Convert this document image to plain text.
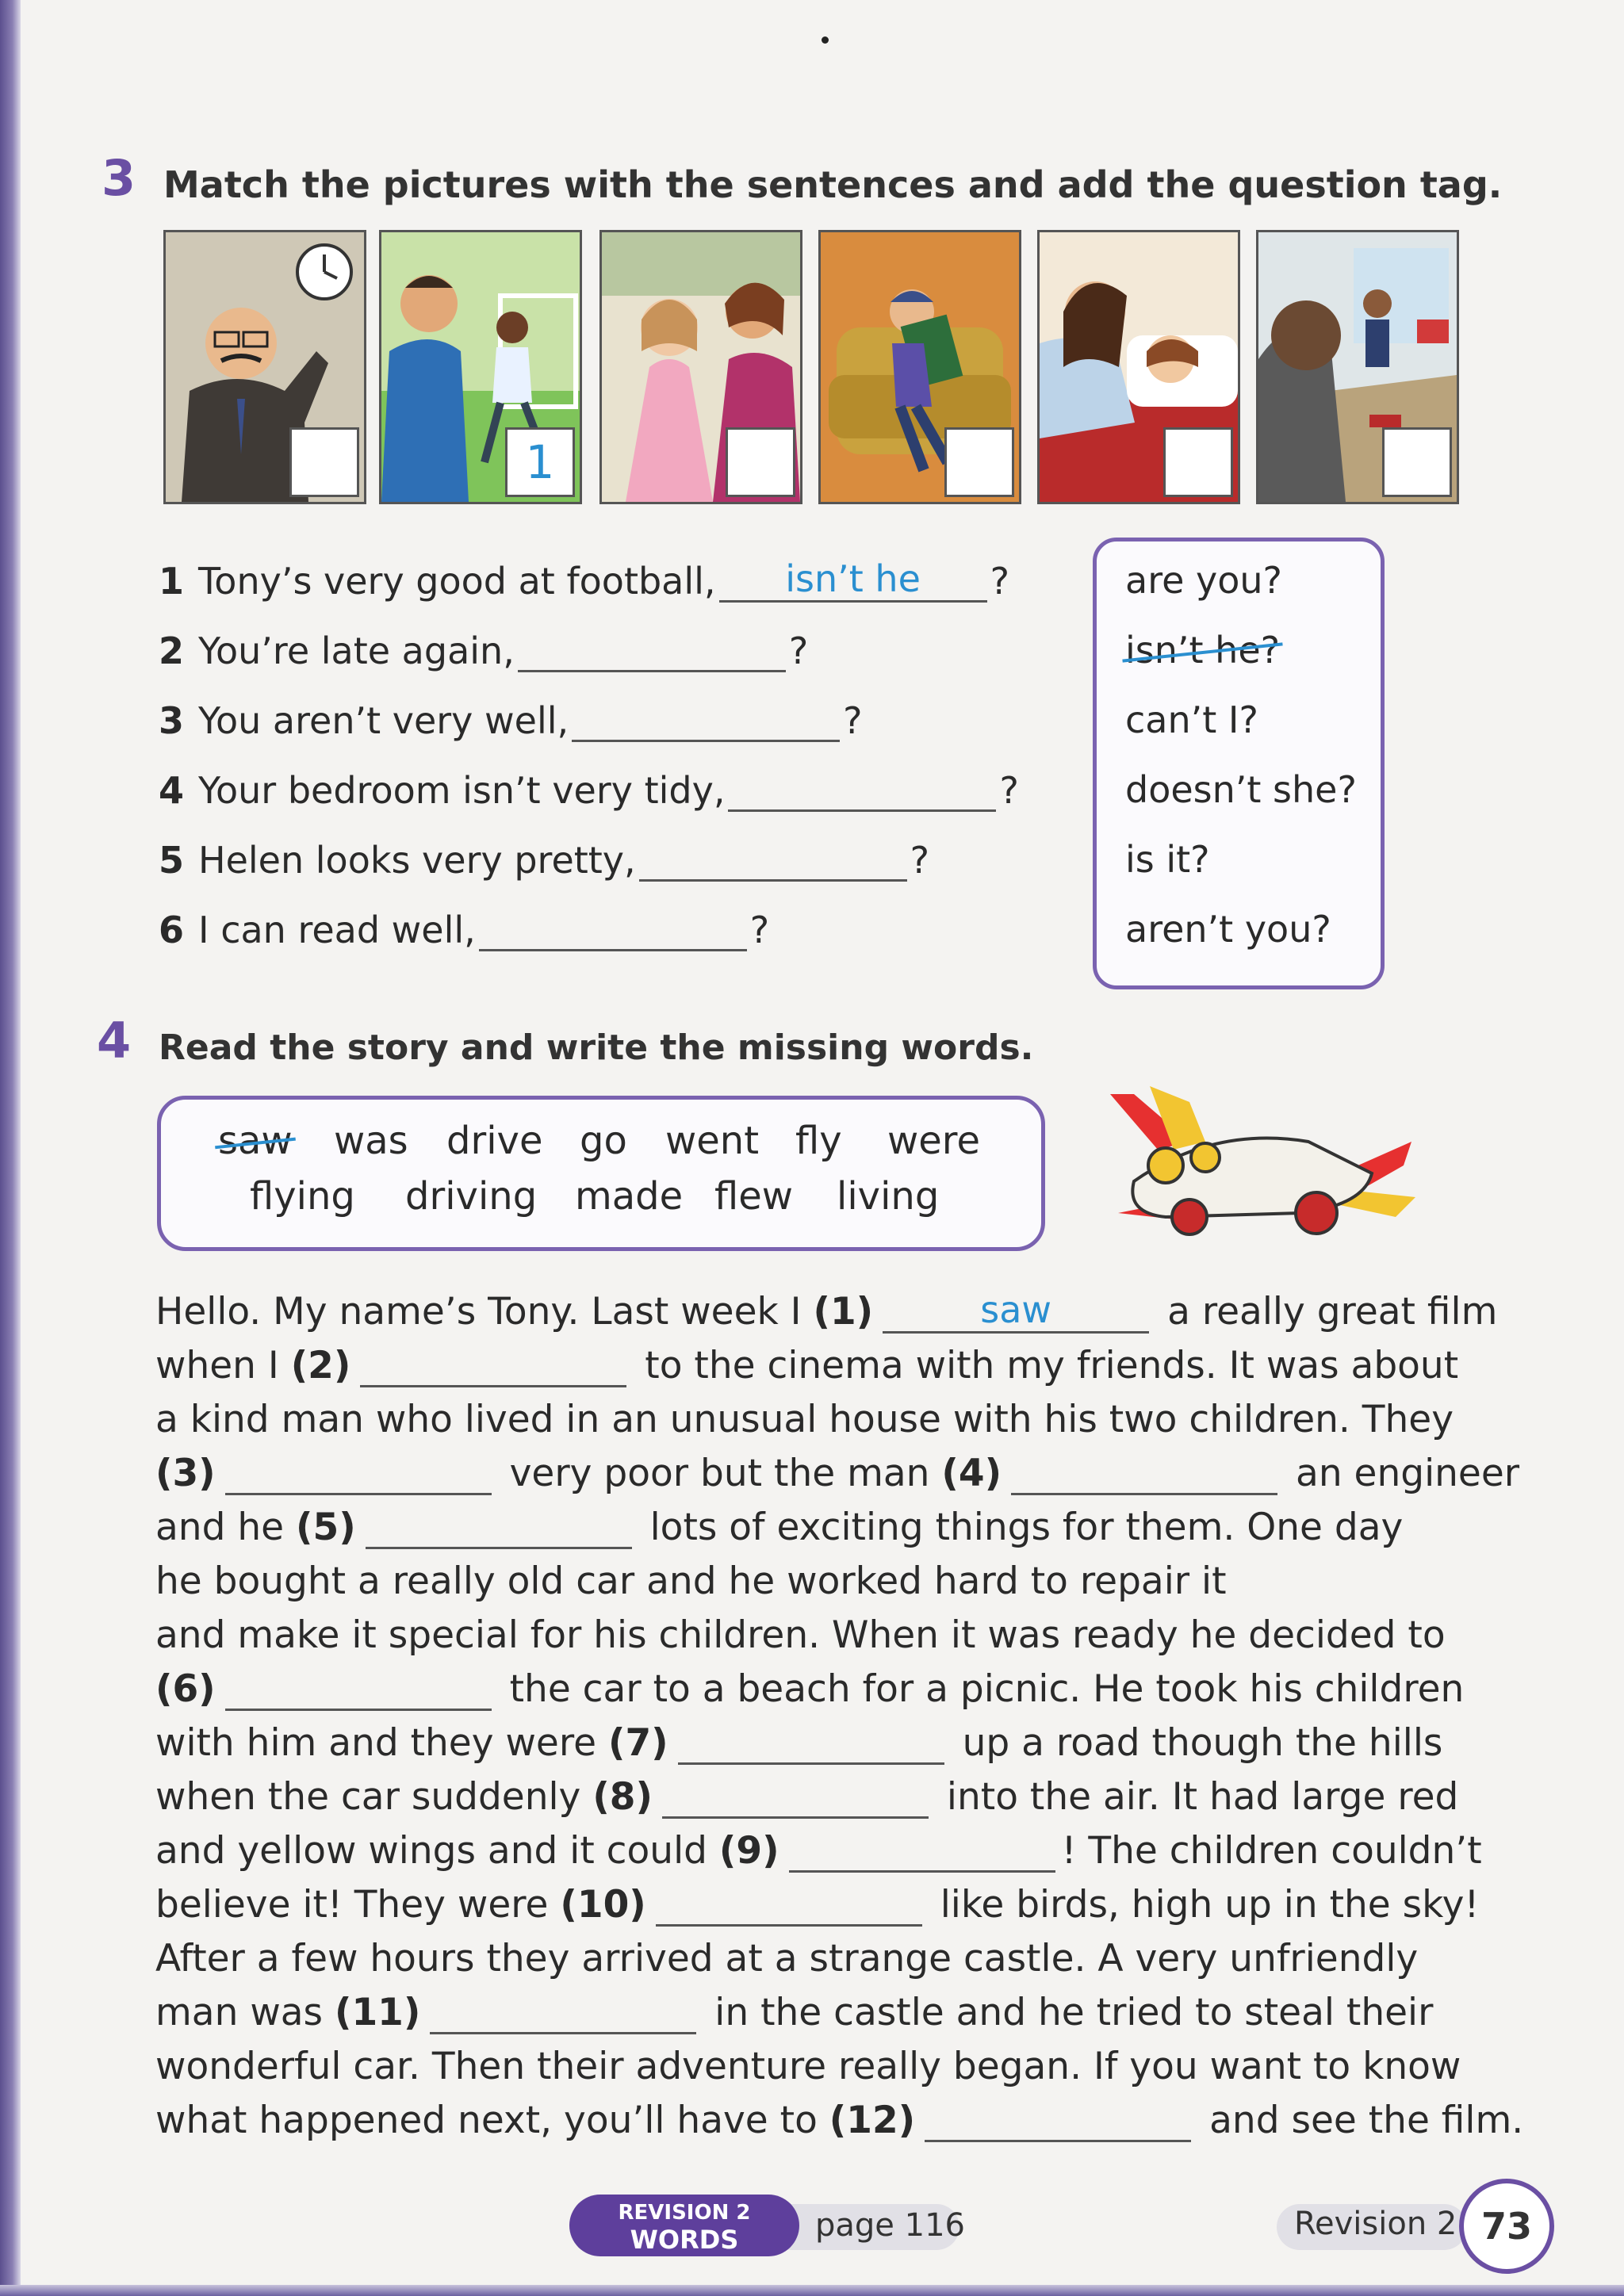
3 Match the pictures with the sentences and add the question tag.
1
1 Tony’s very good at football,	isn’t he	?
2 You’re late again,	?
3 You aren’t very well,	?
4 Your bedroom isn’t very tidy,	?
5 Helen looks very pretty,	?
6 I can read well,	?
are you?
isn’t he?
can’t I?
doesn’t she?
is it?
aren’t you?
4 Read the story and write the missing words.
saw was drive go went fly were
flying driving made flew living
Hello. My name’s Tony. Last week I (1)	saw	a really great film
when I (2)	to the cinema with my friends. It was about
a kind man who lived in an unusual house with his two children. They
(3)	very poor but the man (4)	an engineer
and he (5)	lots of exciting things for them. One day
he bought a really old car and he worked hard to repair it
and make it special for his children. When it was ready he decided to
(6)	the car to a beach for a picnic. He took his children
with him and they were (7)	up a road though the hills
when the car suddenly (8)	into the air. It had large red
and yellow wings and it could (9)	! The children couldn’t
believe it! They were (10)	like birds, high up in the sky!
After a few hours they arrived at a strange castle. A very unfriendly
man was (11)	in the castle and he tried to steal their
wonderful car. Then their adventure really began. If you want to know
what happened next, you’ll have to (12)	and see the film.
REVISION 2
WORDS	page 116	Revision 2 73
